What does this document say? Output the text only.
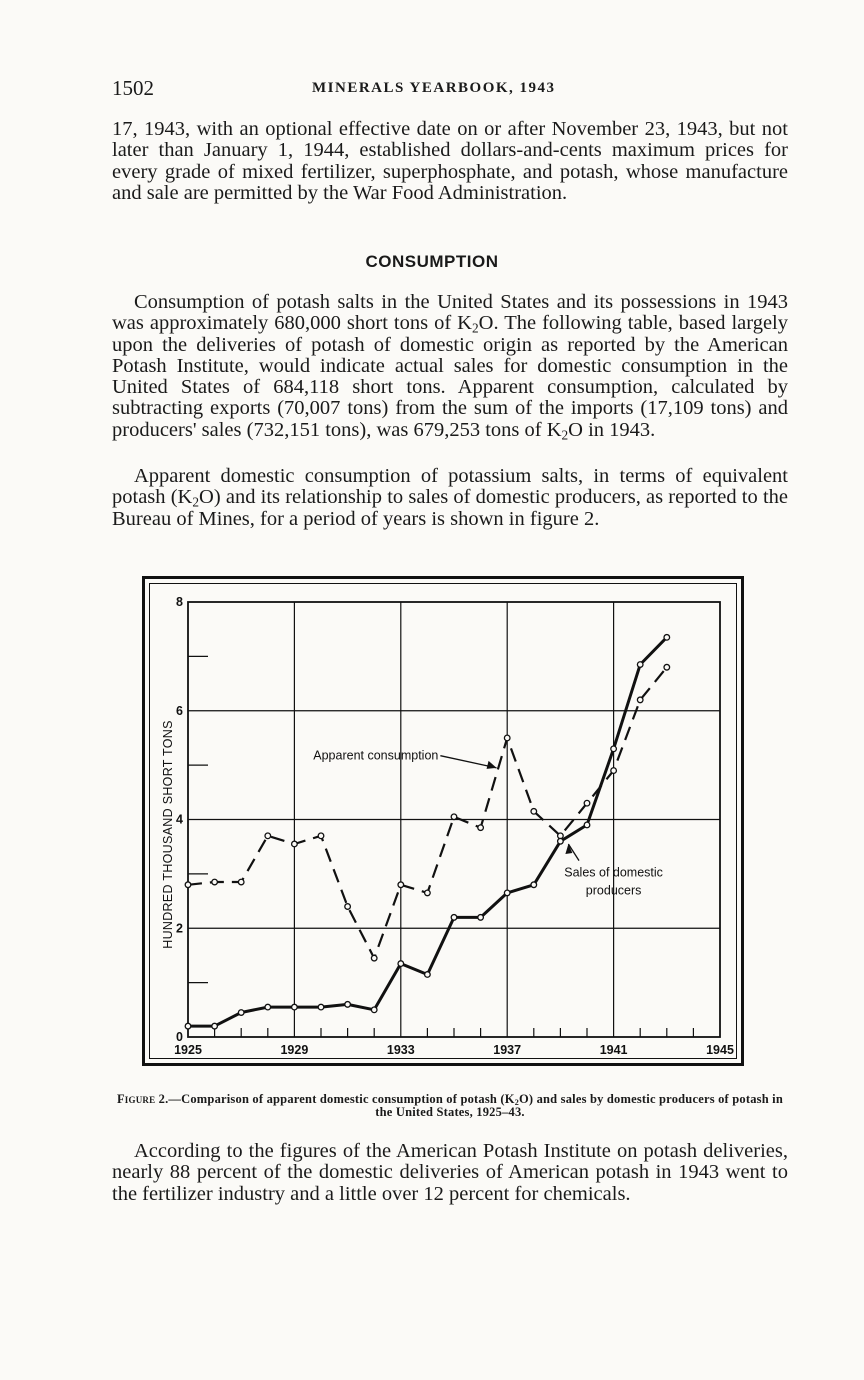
1502	MINERALS YEARBOOK, 1943

17, 1943, with an optional effective date on or after November 23, 1943, but not later than January 1, 1944, established dollars-and-cents maximum prices for every grade of mixed fertilizer, superphosphate, and potash, whose manufacture and sale are permitted by the War Food Administration.

CONSUMPTION

Consumption of potash salts in the United States and its possessions in 1943 was approximately 680,000 short tons of $K_2O$. The following table, based largely upon the deliveries of potash of domestic origin as reported by the American Potash Institute, would indicate actual sales for domestic consumption in the United States of 684,118 short tons. Apparent consumption, calculated by subtracting exports (70,007 tons) from the sum of the imports (17,109 tons) and producers' sales (732,151 tons), was 679,253 tons of $K_2O$ in 1943.

Apparent domestic consumption of potassium salts, in terms of equivalent potash $(K_2O)$ and its relationship to sales of domestic producers, as reported to the Bureau of Mines, for a period of years is shown in figure 2.

1925	1929	1933	1937	1941	1945
0
2
4
6
8
HUNDRED THOUSAND SHORT TONS	Apparent consumption
Sales of domestic
producers
Figure 2.—Comparison of apparent domestic consumption of potash $(K_2O)$ and sales by domestic producers of potash in the United States, 1925–43.

According to the figures of the American Potash Institute on potash deliveries, nearly 88 percent of the domestic deliveries of American potash in 1943 went to the fertilizer industry and a little over 12 percent for chemicals.
